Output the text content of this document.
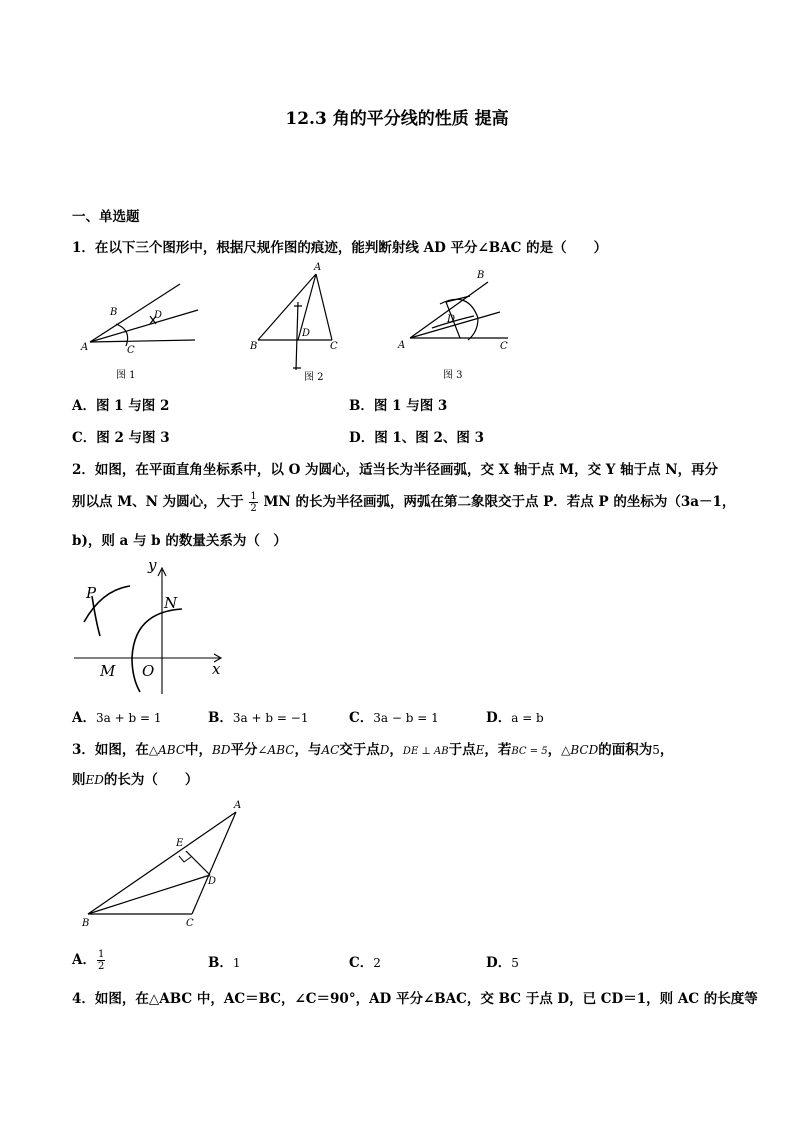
12.3 角的平分线的性质 提高
一、单选题
1．在以下三个图形中，根据尺规作图的痕迹，能判断射线 AD 平分∠BAC 的是（　　）
A
B
C
D
图 1
A
B	C
D
图 2
A
B
C
D
图 3
A．图 1 与图 2	B．图 1 与图 3
C．图 2 与图 3	D．图 1、图 2、图 3
2．如图，在平面直角坐标系中，以 O 为圆心，适当长为半径画弧，交 X 轴于点 M，交 Y 轴于点 N，再分
别以点 M、N 为圆心，大于 $\frac{1}{2}$ MN 的长为半径画弧，两弧在第二象限交于点 P．若点 P 的坐标为（3a－1，
b)，则 a 与 b 的数量关系为（　）
y
x
P
N
M O
A．3a + b = 1	B．3a + b = −1	C．3a − b = 1	D．a = b
3．如图，在△ABC中，BD平分∠ABC，与AC交于点D，DE ⊥ AB于点E，若BC = 5，△BCD的面积为5，
则ED的长为（　　）
A
B	C
D
E
A． $\frac{1}{2}$	B．1	C．2	D．5
4．如图，在△ABC 中，AC＝BC，∠C＝90°，AD 平分∠BAC，交 BC 于点 D，已 CD＝1，则 AC 的长度等
